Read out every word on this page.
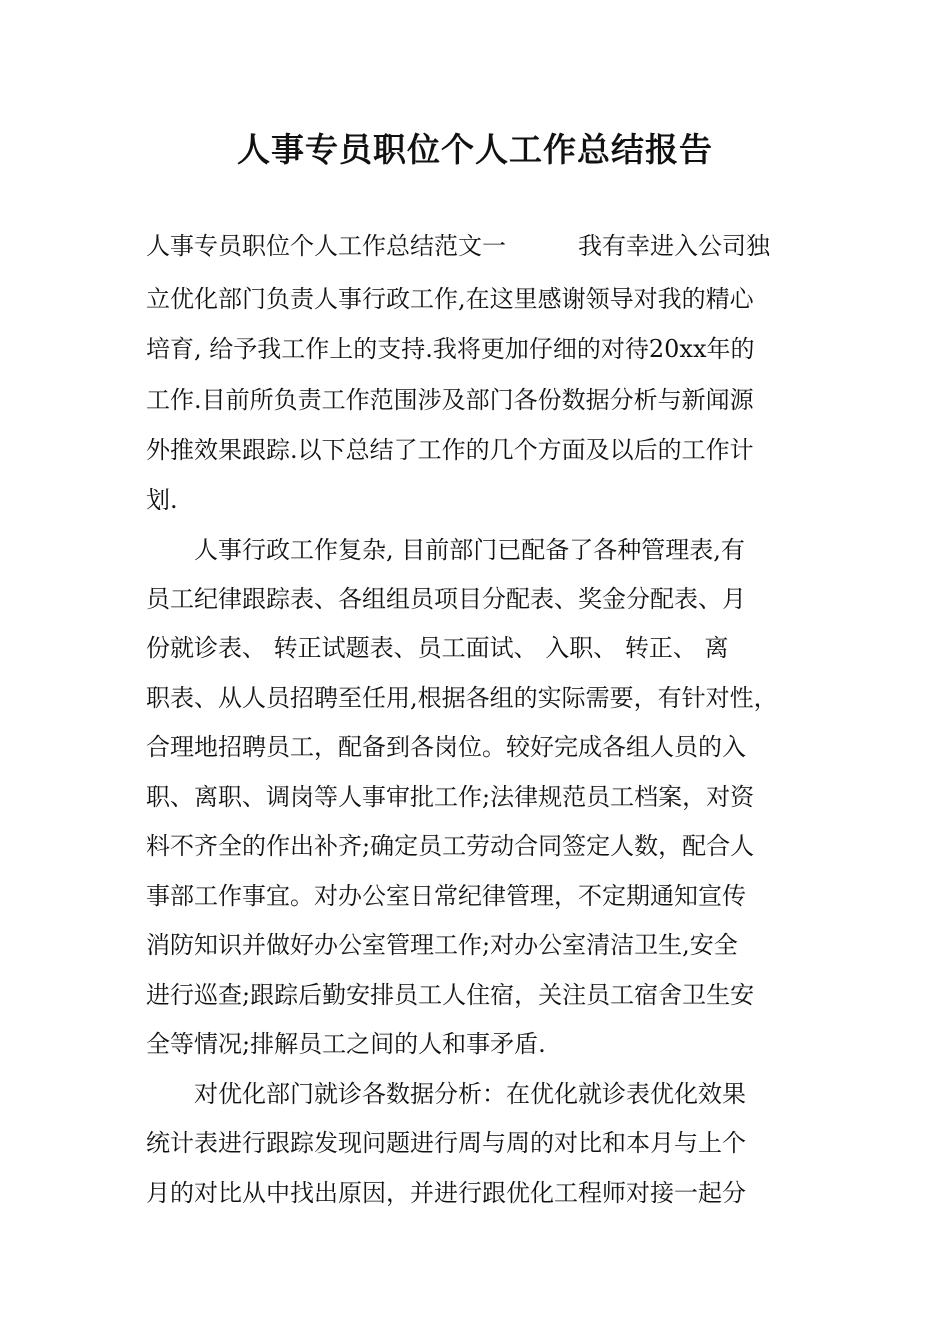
人事专员职位个人工作总结报告

人事专员职位个人工作总结范文一　　　我有幸进入公司独

立优化部门负责人事行政工作,在这里感谢领导对我的精心

培育, 给予我工作上的支持.我将更加仔细的对待20xx年的

工作.目前所负责工作范围涉及部门各份数据分析与新闻源

外推效果跟踪.以下总结了工作的几个方面及以后的工作计

划.

　　人事行政工作复杂, 目前部门已配备了各种管理表,有

员工纪律跟踪表、各组组员项目分配表、奖金分配表、月

份就诊表、 转正试题表、员工面试、 入职、 转正、 离

职表、从人员招聘至任用,根据各组的实际需要，有针对性，

合理地招聘员工，配备到各岗位。较好完成各组人员的入

职、离职、调岗等人事审批工作;法律规范员工档案，对资

料不齐全的作出补齐;确定员工劳动合同签定人数，配合人

事部工作事宜。对办公室日常纪律管理，不定期通知宣传

消防知识并做好办公室管理工作;对办公室清洁卫生,安全

进行巡查;跟踪后勤安排员工人住宿，关注员工宿舍卫生安

全等情况;排解员工之间的人和事矛盾.

　　对优化部门就诊各数据分析：在优化就诊表优化效果

统计表进行跟踪发现问题进行周与周的对比和本月与上个

月的对比从中找出原因，并进行跟优化工程师对接一起分
